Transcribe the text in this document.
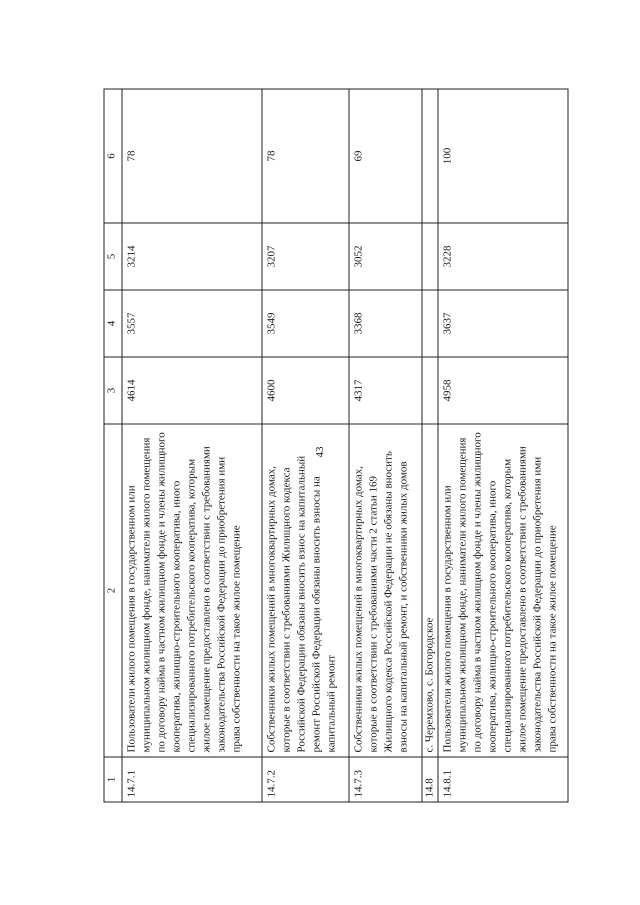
43
1	2	3	4	5	6
14.7.1	Пользователи жилого помещения в государственном или муниципальном жилищном фонде, наниматели жилого помещения по договору найма в частном жилищном фонде и члены жилищного кооператива, жилищно-строительного кооператива, иного специализированного потребительского кооператива, которым жилое помещение предоставлено в соответствии с требованиями законодательства Российской Федерации до приобретения ими права собственности на такое жилое помещение	4614	3557	3214	78
14.7.2	Собственники жилых помещений в многоквартирных домах, которые в соответствии с требованиями Жилищного кодекса Российской Федерации обязаны вносить взнос на капитальный ремонт Российской Федерации обязаны вносить взносы на капитальный ремонт	4600	3549	3207	78
14.7.3	Собственники жилых помещений в многоквартирных домах, которые в соответствии с требованиями части 2 статьи 169 Жилищного кодекса Российской Федерации не обязаны вносить взносы на капитальный ремонт, и собственники жилых домов	4317	3368	3052	69
14.8	с. Черемхово, с. Богородское				
14.8.1	Пользователи жилого помещения в государственном или муниципальном жилищном фонде, наниматели жилого помещения по договору найма в частном жилищном фонде и члены жилищного кооператива, жилищно-строительного кооператива, иного специализированного потребительского кооператива, которым жилое помещение предоставлено в соответствии с требованиями законодательства Российской Федерации до приобретения ими права собственности на такое жилое помещение	4958	3637	3228	100
